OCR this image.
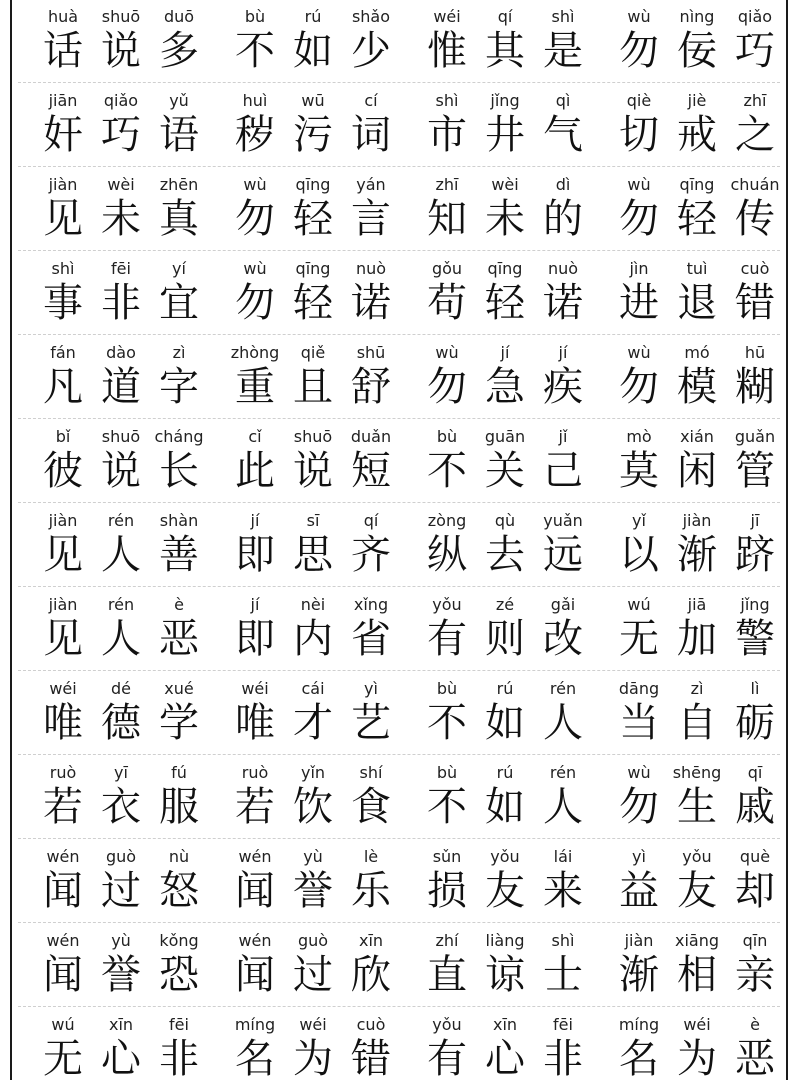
huà
话
shuō
说
duō
多
bù
不
rú
如
shǎo
少
wéi
惟
qí
其
shì
是
wù
勿
nìng
佞
qiǎo
巧
jiān
奸
qiǎo
巧
yǔ
语
huì
秽
wū
污
cí
词
shì
市
jǐng
井
qì
气
qiè
切
jiè
戒
zhī
之
jiàn
见
wèi
未
zhēn
真
wù
勿
qīng
轻
yán
言
zhī
知
wèi
未
dì
的
wù
勿
qīng
轻
chuán
传
shì
事
fēi
非
yí
宜
wù
勿
qīng
轻
nuò
诺
gǒu
苟
qīng
轻
nuò
诺
jìn
进
tuì
退
cuò
错
fán
凡
dào
道
zì
字
zhòng
重
qiě
且
shū
舒
wù
勿
jí
急
jí
疾
wù
勿
mó
模
hū
糊
bǐ
彼
shuō
说
cháng
长
cǐ
此
shuō
说
duǎn
短
bù
不
guān
关
jǐ
己
mò
莫
xián
闲
guǎn
管
jiàn
见
rén
人
shàn
善
jí
即
sī
思
qí
齐
zòng
纵
qù
去
yuǎn
远
yǐ
以
jiàn
渐
jī
跻
jiàn
见
rén
人
è
恶
jí
即
nèi
内
xǐng
省
yǒu
有
zé
则
gǎi
改
wú
无
jiā
加
jǐng
警
wéi
唯
dé
德
xué
学
wéi
唯
cái
才
yì
艺
bù
不
rú
如
rén
人
dāng
当
zì
自
lì
砺
ruò
若
yī
衣
fú
服
ruò
若
yǐn
饮
shí
食
bù
不
rú
如
rén
人
wù
勿
shēng
生
qī
戚
wén
闻
guò
过
nù
怒
wén
闻
yù
誉
lè
乐
sǔn
损
yǒu
友
lái
来
yì
益
yǒu
友
què
却
wén
闻
yù
誉
kǒng
恐
wén
闻
guò
过
xīn
欣
zhí
直
liàng
谅
shì
士
jiàn
渐
xiāng
相
qīn
亲
wú
无
xīn
心
fēi
非
míng
名
wéi
为
cuò
错
yǒu
有
xīn
心
fēi
非
míng
名
wéi
为
è
恶
